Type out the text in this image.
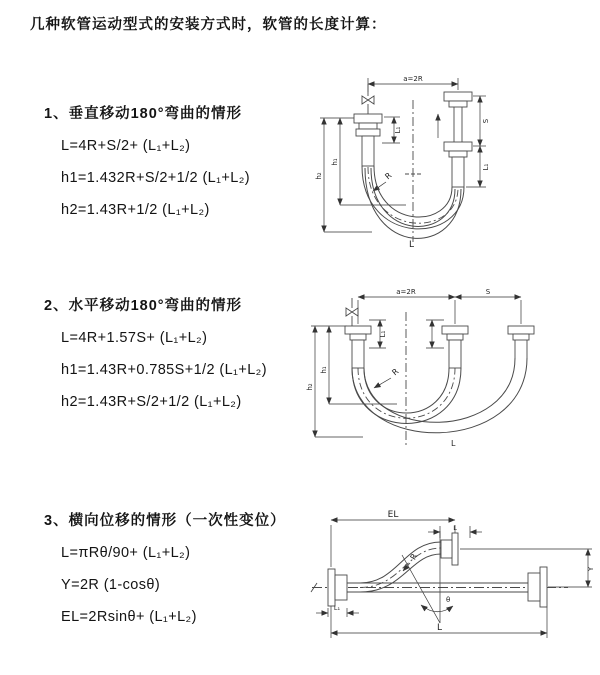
几种软管运动型式的安装方式时，软管的长度计算：
1、垂直移动180°弯曲的情形
L=4R+S/2+ (L₁+L₂)
h1=1.432R+S/2+1/2 (L₁+L₂)
h2=1.43R+1/2 (L₁+L₂)
2、水平移动180°弯曲的情形
L=4R+1.57S+ (L₁+L₂)
h1=1.43R+0.785S+1/2 (L₁+L₂)
h2=1.43R+S/2+1/2 (L₁+L₂)
3、横向位移的情形（一次性变位）
L=πRθ/90+ (L₁+L₂)
Y=2R (1-cosθ)
EL=2Rsinθ+ (L₁+L₂)
a=2R
L₁
S
L₁
h₁
h₂	R
L
a=2R	S
L₁
h₁
h₂
R
L
EL
L
Y
R
θ
L₁
L
